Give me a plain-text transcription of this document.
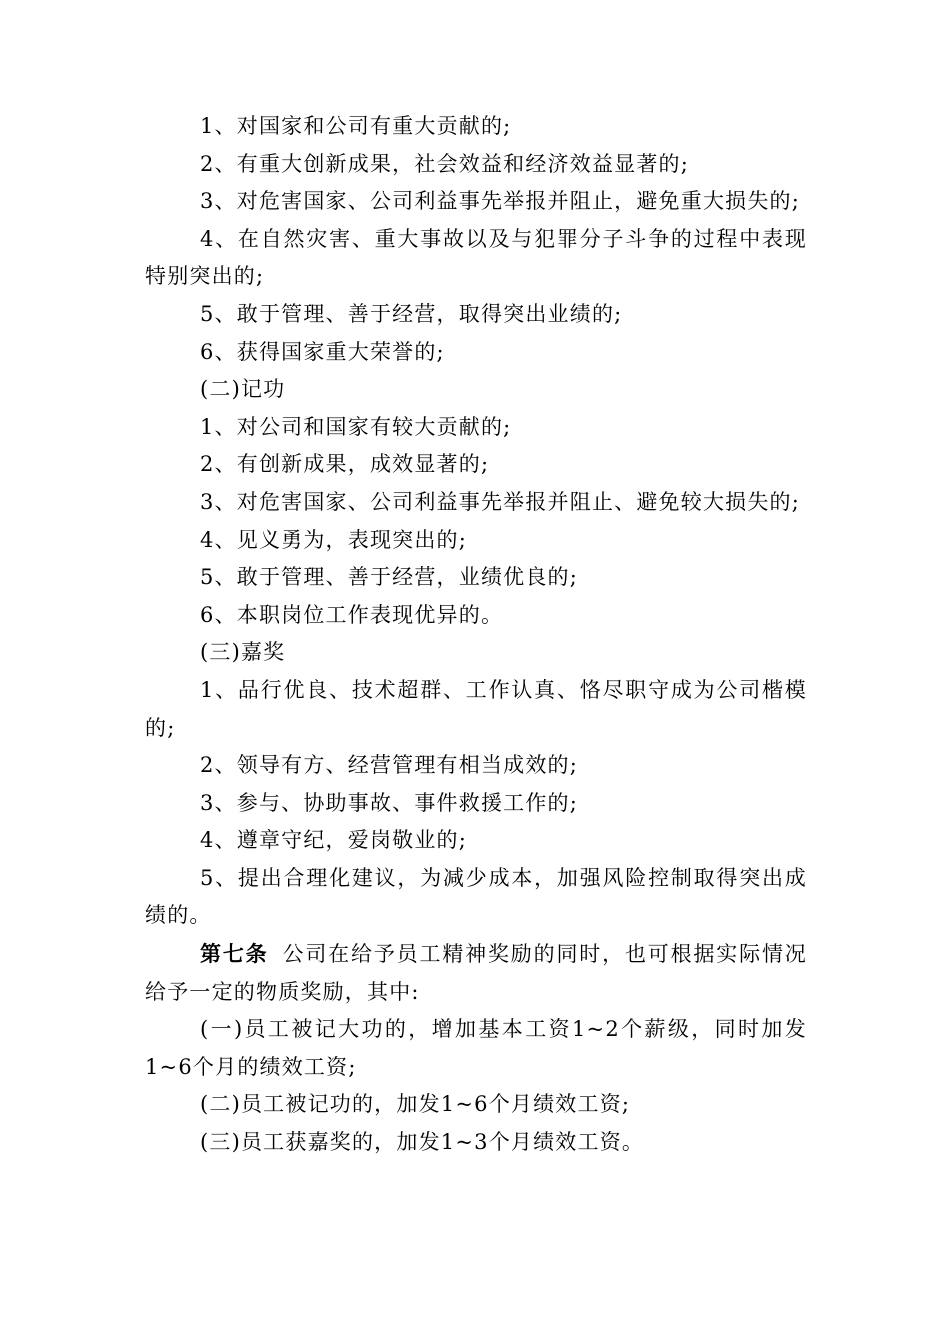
1、对国家和公司有重大贡献的;

2、有重大创新成果，社会效益和经济效益显著的;

3、对危害国家、公司利益事先举报并阻止，避免重大损失的;

4、在自然灾害、重大事故以及与犯罪分子斗争的过程中表现特别突出的;

5、敢于管理、善于经营，取得突出业绩的;

6、获得国家重大荣誉的;

(二)记功

1、对公司和国家有较大贡献的;

2、有创新成果，成效显著的;

3、对危害国家、公司利益事先举报并阻止、避免较大损失的;

4、见义勇为，表现突出的;

5、敢于管理、善于经营，业绩优良的;

6、本职岗位工作表现优异的。

(三)嘉奖

1、品行优良、技术超群、工作认真、恪尽职守成为公司楷模的;

2、领导有方、经营管理有相当成效的;

3、参与、协助事故、事件救援工作的;

4、遵章守纪，爱岗敬业的;

5、提出合理化建议，为减少成本，加强风险控制取得突出成绩的。

第七条 公司在给予员工精神奖励的同时，也可根据实际情况给予一定的物质奖励，其中:

(一)员工被记大功的，增加基本工资1~2个薪级，同时加发1~6个月的绩效工资;

(二)员工被记功的，加发1~6个月绩效工资;

(三)员工获嘉奖的，加发1~3个月绩效工资。
